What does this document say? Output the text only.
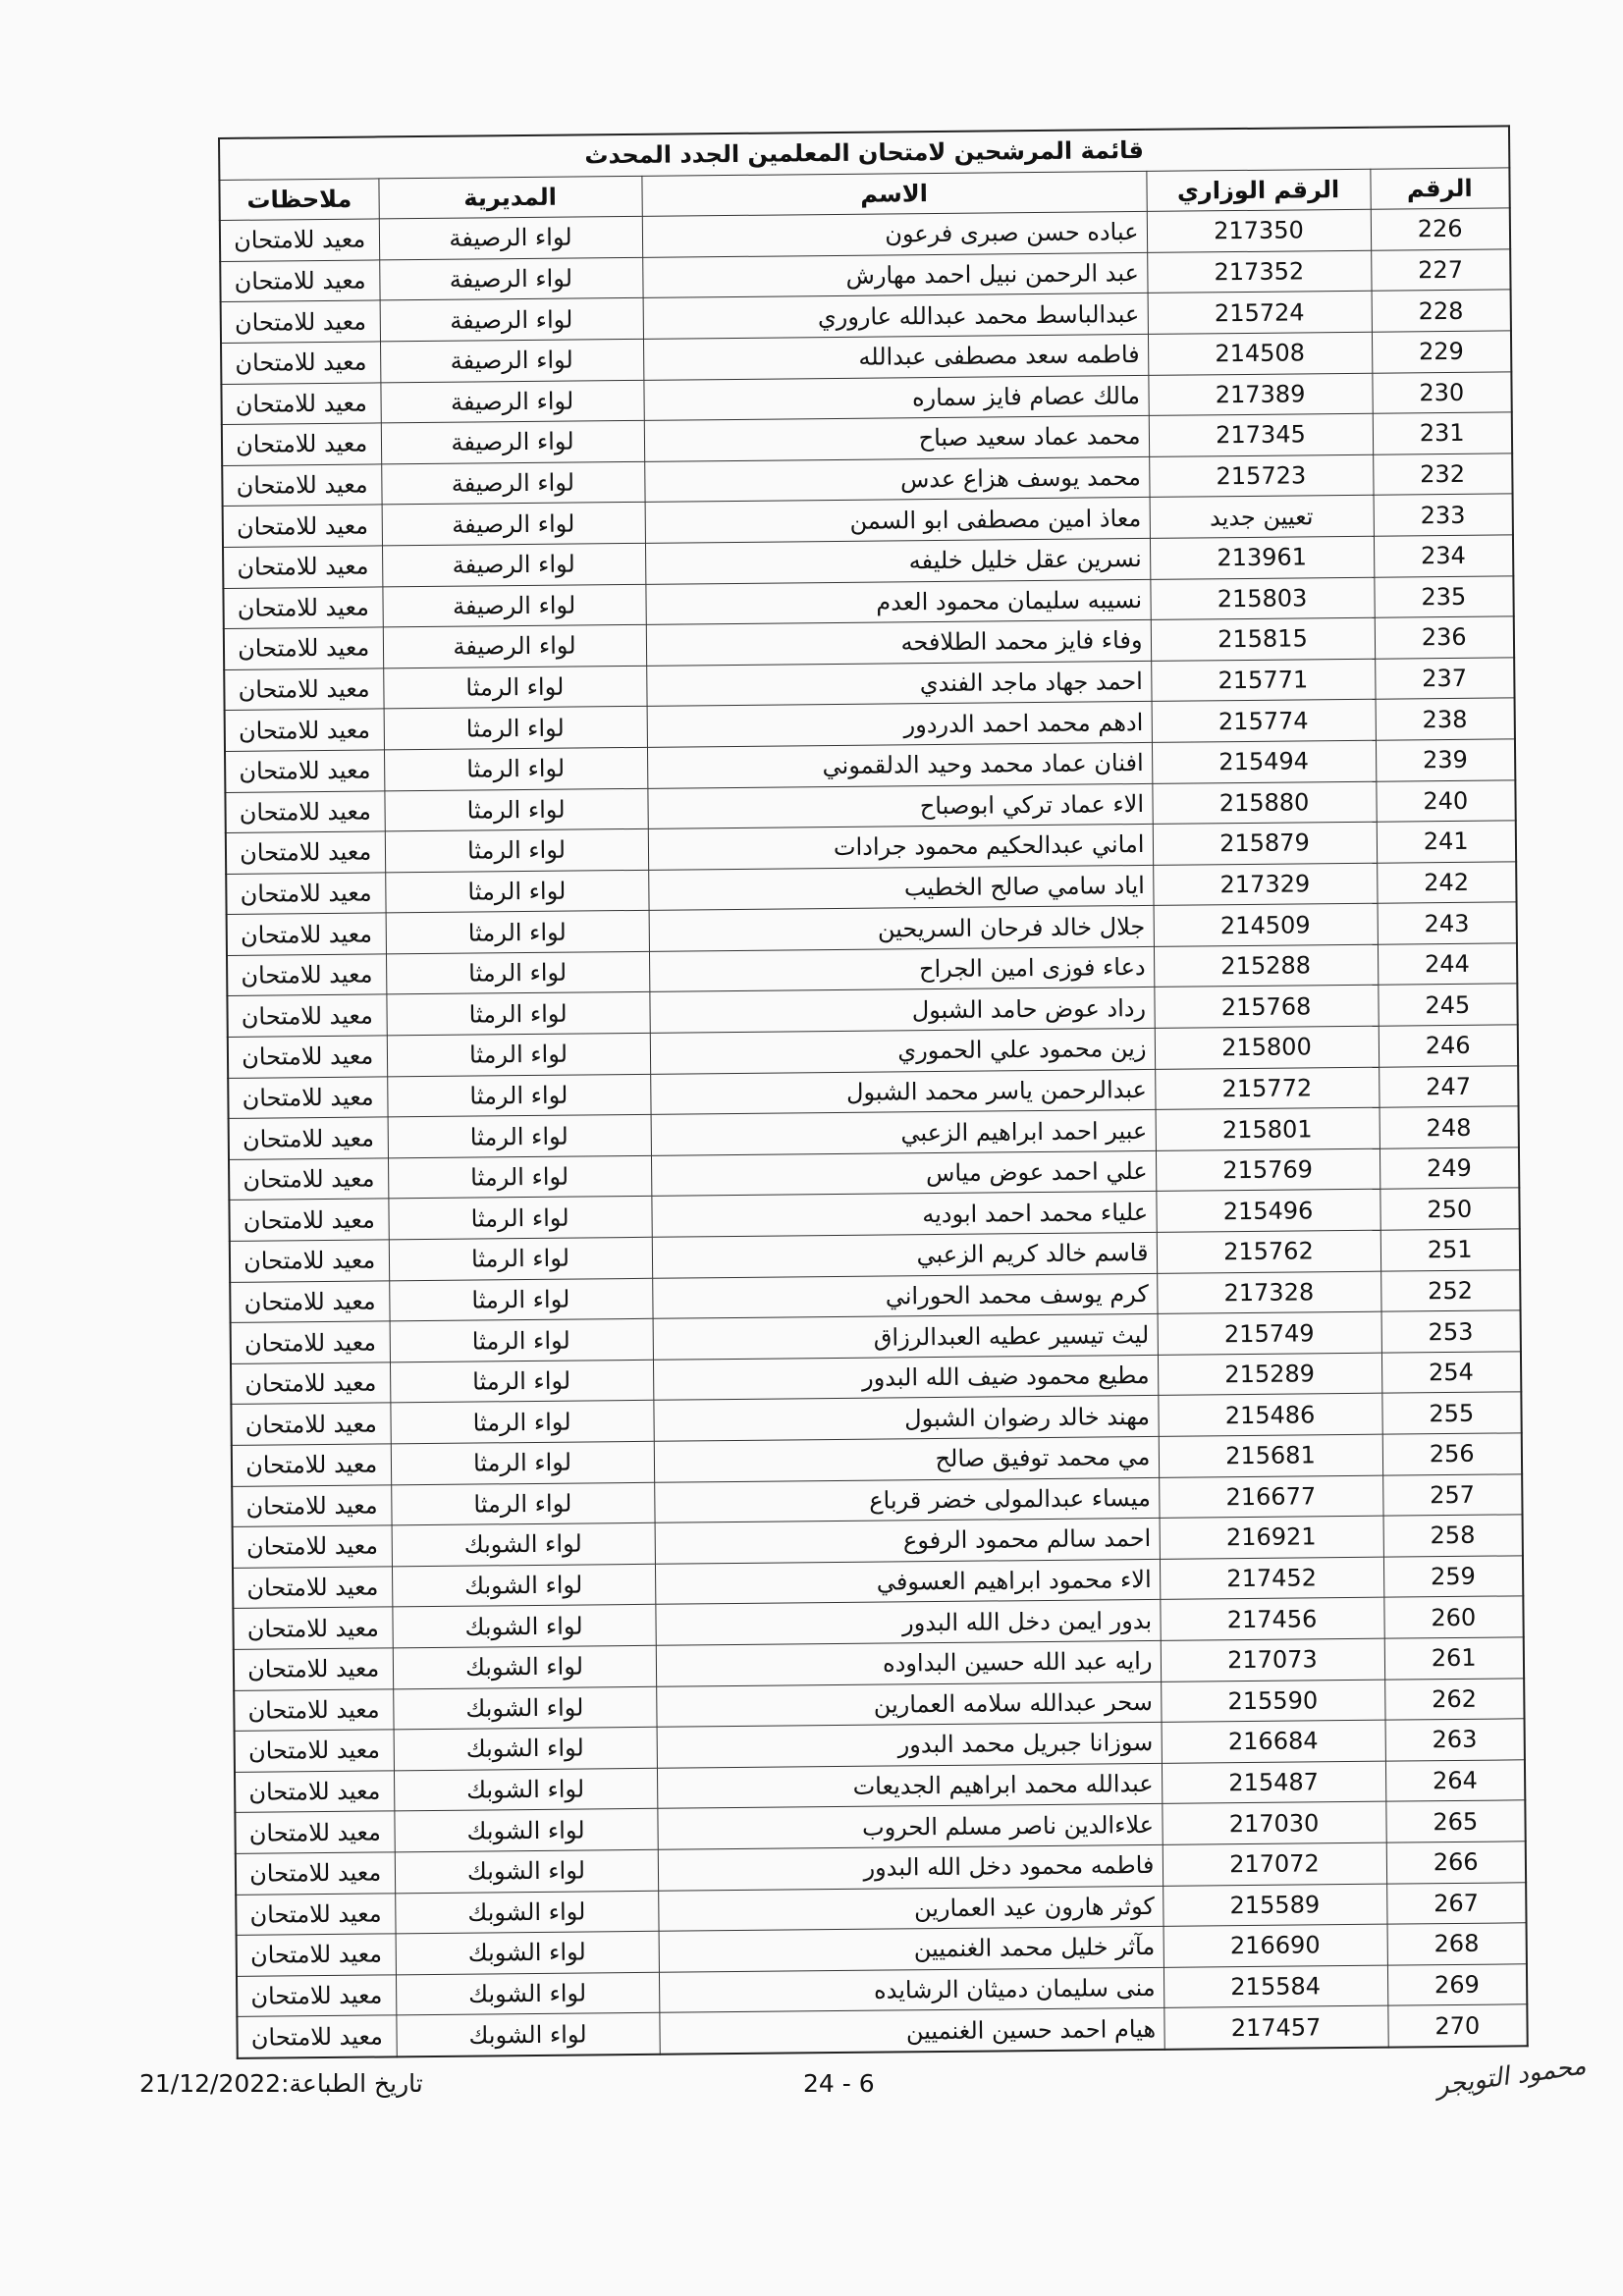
قائمة المرشحين لامتحان المعلمين الجدد المحدث				
الرقم	الرقم الوزاري	الاسم	المديرية	ملاحظات
226	217350	عباده حسن صبرى فرعون	لواء الرصيفة	معيد للامتحان
227	217352	عبد الرحمن نبيل احمد مهارش	لواء الرصيفة	معيد للامتحان
228	215724	عبدالباسط محمد عبدالله عاروري	لواء الرصيفة	معيد للامتحان
229	214508	فاطمه سعد مصطفى عبدالله	لواء الرصيفة	معيد للامتحان
230	217389	مالك عصام فايز سماره	لواء الرصيفة	معيد للامتحان
231	217345	محمد عماد سعيد صباح	لواء الرصيفة	معيد للامتحان
232	215723	محمد يوسف هزاع عدس	لواء الرصيفة	معيد للامتحان
233	تعيين جديد	معاذ امين مصطفى ابو السمن	لواء الرصيفة	معيد للامتحان
234	213961	نسرين عقل خليل خليفه	لواء الرصيفة	معيد للامتحان
235	215803	نسيبه سليمان محمود العدم	لواء الرصيفة	معيد للامتحان
236	215815	وفاء فايز محمد الطلافحه	لواء الرصيفة	معيد للامتحان
237	215771	احمد جهاد ماجد الفندي	لواء الرمثا	معيد للامتحان
238	215774	ادهم محمد احمد الدردور	لواء الرمثا	معيد للامتحان
239	215494	افنان عماد محمد وحيد الدلقموني	لواء الرمثا	معيد للامتحان
240	215880	الاء عماد تركي ابوصباح	لواء الرمثا	معيد للامتحان
241	215879	اماني عبدالحكيم محمود جرادات	لواء الرمثا	معيد للامتحان
242	217329	اياد سامي صالح الخطيب	لواء الرمثا	معيد للامتحان
243	214509	جلال خالد فرحان السريحين	لواء الرمثا	معيد للامتحان
244	215288	دعاء فوزى امين الجراح	لواء الرمثا	معيد للامتحان
245	215768	رداد عوض حامد الشبول	لواء الرمثا	معيد للامتحان
246	215800	زين محمود علي الحموري	لواء الرمثا	معيد للامتحان
247	215772	عبدالرحمن ياسر محمد الشبول	لواء الرمثا	معيد للامتحان
248	215801	عبير احمد ابراهيم الزعبي	لواء الرمثا	معيد للامتحان
249	215769	علي احمد عوض مياس	لواء الرمثا	معيد للامتحان
250	215496	علياء محمد احمد ابوديه	لواء الرمثا	معيد للامتحان
251	215762	قاسم خالد كريم الزعبي	لواء الرمثا	معيد للامتحان
252	217328	كرم يوسف محمد الحوراني	لواء الرمثا	معيد للامتحان
253	215749	ليث تيسير عطيه العبدالرزاق	لواء الرمثا	معيد للامتحان
254	215289	مطيع محمود ضيف الله البدور	لواء الرمثا	معيد للامتحان
255	215486	مهند خالد رضوان الشبول	لواء الرمثا	معيد للامتحان
256	215681	مي محمد توفيق صالح	لواء الرمثا	معيد للامتحان
257	216677	ميساء عبدالمولى خضر قرباع	لواء الرمثا	معيد للامتحان
258	216921	احمد سالم محمود الرفوع	لواء الشوبك	معيد للامتحان
259	217452	الاء محمود ابراهيم العسوفي	لواء الشوبك	معيد للامتحان
260	217456	بدور ايمن دخل الله البدور	لواء الشوبك	معيد للامتحان
261	217073	رايه عبد الله حسين البداوده	لواء الشوبك	معيد للامتحان
262	215590	سحر عبدالله سلامه العمارين	لواء الشوبك	معيد للامتحان
263	216684	سوزانا جبريل محمد البدور	لواء الشوبك	معيد للامتحان
264	215487	عبدالله محمد ابراهيم الجديعات	لواء الشوبك	معيد للامتحان
265	217030	علاءالدين ناصر مسلم الحروب	لواء الشوبك	معيد للامتحان
266	217072	فاطمه محمود دخل الله البدور	لواء الشوبك	معيد للامتحان
267	215589	كوثر هارون عيد العمارين	لواء الشوبك	معيد للامتحان
268	216690	مآثر خليل محمد الغنميين	لواء الشوبك	معيد للامتحان
269	215584	منى سليمان دميثان الرشايده	لواء الشوبك	معيد للامتحان
270	217457	هيام احمد حسين الغنميين	لواء الشوبك	معيد للامتحان
تاريخ الطباعة:21/12/2022	24 - 6	محمود التويجر
